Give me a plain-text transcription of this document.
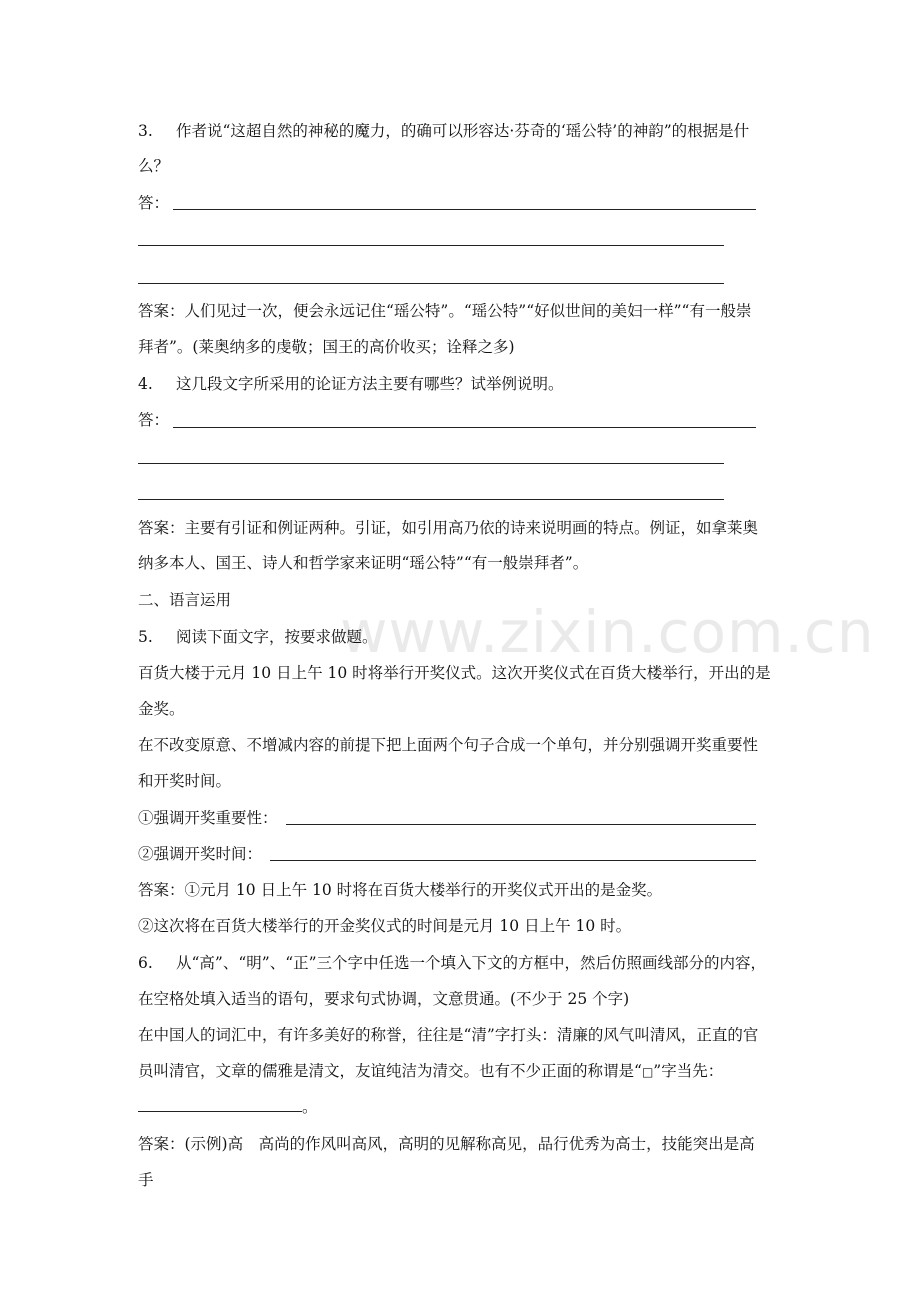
www.zixin.com.cn
3. 作者说“这超自然的神秘的魔力，的确可以形容达·芬奇的‘瑶公特’的神韵”的根据是什
么？
答：
答案：人们见过一次，便会永远记住“瑶公特”。“瑶公特”“好似世间的美妇一样”“有一般崇
拜者”。(莱奥纳多的虔敬；国王的高价收买；诠释之多)
4. 这几段文字所采用的论证方法主要有哪些？试举例说明。
答：
答案：主要有引证和例证两种。引证，如引用高乃依的诗来说明画的特点。例证，如拿莱奥
纳多本人、国王、诗人和哲学家来证明“瑶公特”“有一般崇拜者”。
二、语言运用
5. 阅读下面文字，按要求做题。
百货大楼于元月 10 日上午 10 时将举行开奖仪式。这次开奖仪式在百货大楼举行，开出的是
金奖。
在不改变原意、不增减内容的前提下把上面两个句子合成一个单句，并分别强调开奖重要性
和开奖时间。
①强调开奖重要性：
②强调开奖时间：
答案：①元月 10 日上午 10 时将在百货大楼举行的开奖仪式开出的是金奖。
②这次将在百货大楼举行的开金奖仪式的时间是元月 10 日上午 10 时。
6. 从“高”、“明”、“正”三个字中任选一个填入下文的方框中，然后仿照画线部分的内容，
在空格处填入适当的语句，要求句式协调，文意贯通。(不少于 25 个字)
在中国人的词汇中，有许多美好的称誉，往往是“清”字打头：清廉的风气叫清风，正直的官
员叫清官，文章的儒雅是清文，友谊纯洁为清交。也有不少正面的称谓是“□”字当先：
。
答案：(示例)高　高尚的作风叫高风，高明的见解称高见，品行优秀为高士，技能突出是高
手
